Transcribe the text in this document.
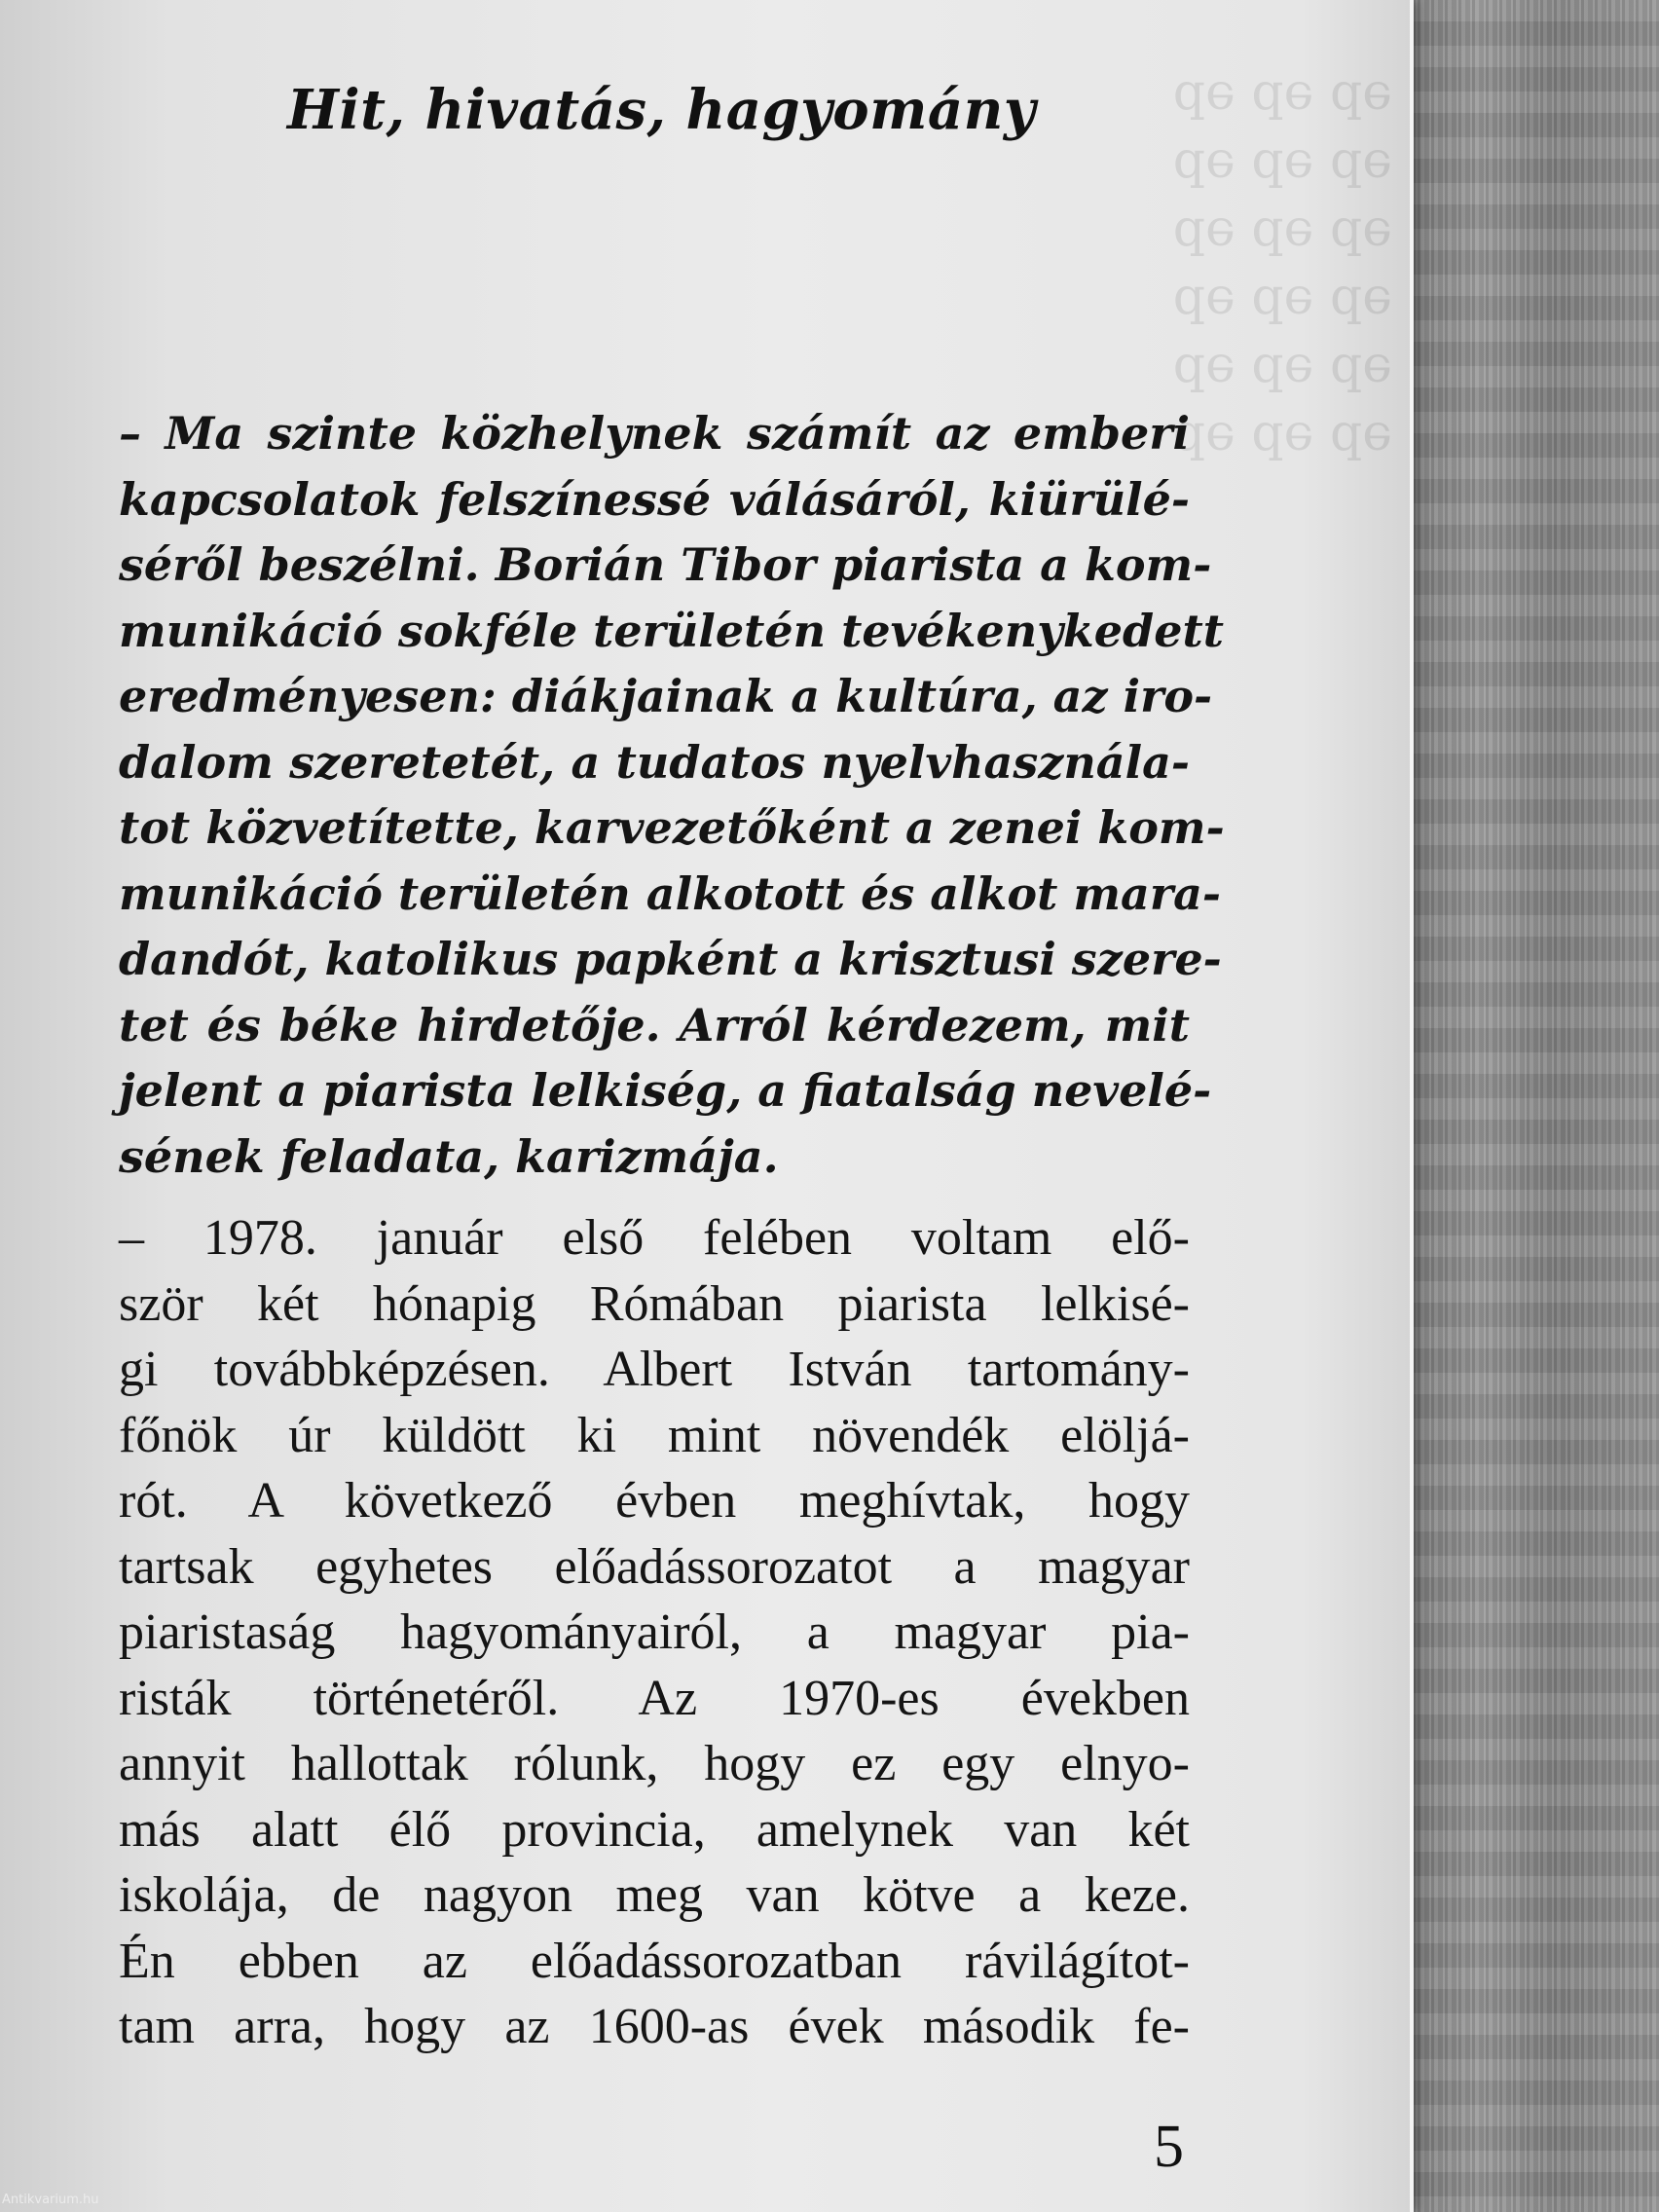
ǝp ǝp ǝp
ǝp ǝp ǝp
ǝp ǝp ǝp
ǝp ǝp ǝp
ǝp ǝp ǝp
ǝp ǝp ǝp
Hit, hivatás, hagyomány
– Ma szinte közhelynek számít az emberi
kapcsolatok felszínessé válásáról, kiürülé-
séről beszélni. Borián Tibor piarista a kom-
munikáció sokféle területén tevékenykedett
eredményesen: diákjainak a kultúra, az iro-
dalom szeretetét, a tudatos nyelvhasznála-
tot közvetítette, karvezetőként a zenei kom-
munikáció területén alkotott és alkot mara-
dandót, katolikus papként a krisztusi szere-
tet és béke hirdetője. Arról kérdezem, mit
jelent a piarista lelkiség, a fiatalság nevelé-
sének feladata, karizmája.
– 1978. január első felében voltam elő-
ször két hónapig Rómában piarista lelkisé-
gi továbbképzésen. Albert István tartomány-
főnök úr küldött ki mint növendék elöljá-
rót. A következő évben meghívtak, hogy
tartsak egyhetes előadássorozatot a magyar
piaristaság hagyományairól, a magyar pia-
risták történetéről. Az 1970-es években
annyit hallottak rólunk, hogy ez egy elnyo-
más alatt élő provincia, amelynek van két
iskolája, de nagyon meg van kötve a keze.
Én ebben az előadássorozatban rávilágítot-
tam arra, hogy az 1600-as évek második fe-
5
Antikvarium.hu
